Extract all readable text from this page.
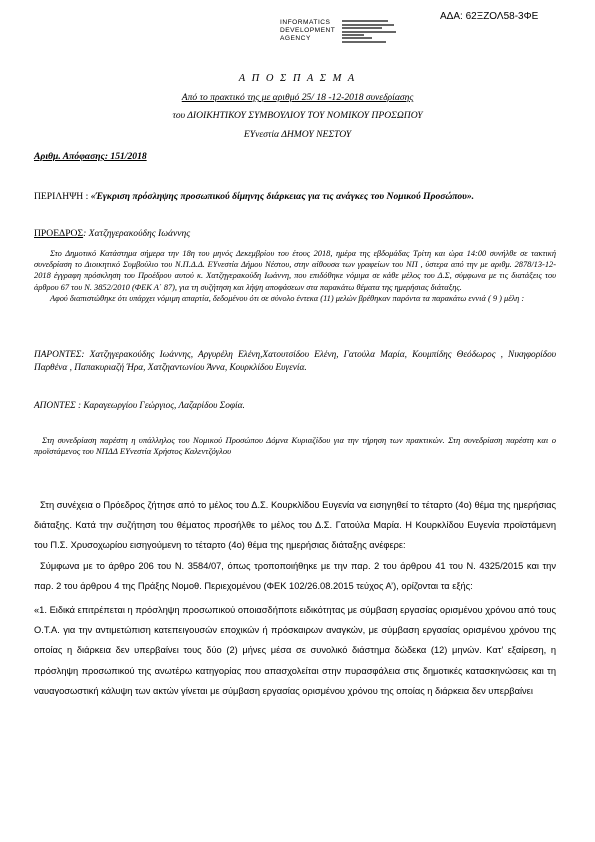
ΑΔΑ: 62ΞΖΟΛ58-3ΦΕ
INFORMATICS
DEVELOPMENT
AGENCY
Α Π Ο Σ Π Α Σ Μ Α
Από το πρακτικό της με αριθμό 25/ 18 -12-2018 συνεδρίασης
του ΔΙΟΙΚΗΤΙΚΟΥ ΣΥΜΒΟΥΛΙΟΥ ΤΟΥ ΝΟΜΙΚΟΥ ΠΡΟΣΩΠΟΥ
ΕΥνεστία ΔΗΜΟΥ ΝΕΣΤΟΥ
Αριθμ. Απόφασης: 151/2018
ΠΕΡΙΛΗΨΗ : «Έγκριση πρόσληψης προσωπικού δίμηνης διάρκειας για τις ανάγκες του Νομικού Προσώπου».
ΠΡΟΕΔΡΟΣ: Χατζηγερακούδης Ιωάννης

Στο Δημοτικό Κατάστημα σήμερα την 18η του μηνός Δεκεμβρίου του έτους 2018, ημέρα της εβδομάδας Τρίτη και ώρα 14:00 συνήλθε σε τακτική συνεδρίαση το Διοικητικό Συμβούλιο του Ν.Π.Δ.Δ. ΕΥνεστία Δήμου Νέστου, στην αίθουσα των γραφείων του ΝΠ , ύστερα από την με αριθμ. 2878/13-12-2018 έγγραφη πρόσκληση του Προέδρου αυτού κ. Χατζηγερακούδη Ιωάννη, που επιδόθηκε νόμιμα σε κάθε μέλος του Δ.Σ, σύμφωνα με τις διατάξεις του άρθρου 67 του Ν. 3852/2010 (ΦΕΚ Α΄ 87), για τη συζήτηση και λήψη αποφάσεων στα παρακάτω θέματα της ημερήσιας διάταξης.

Αφού διαπιστώθηκε ότι υπάρχει νόμιμη απαρτία, δεδομένου ότι σε σύνολο έντεκα (11) μελών βρέθηκαν παρόντα τα παρακάτω εννιά ( 9 ) μέλη :

ΠΑΡΟΝΤΕΣ: Χατζηγερακούδης Ιωάννης, Αργυρέλη Ελένη,Χατουτσίδου Ελένη, Γατούλα Μαρία, Κουμπίδης Θεόδωρος , Νικηφορίδου Παρθένα , Παπακυριαζή Ήρα, Χατζηαντωνίου Άννα, Κουρκλίδου Ευγενία.
ΑΠΟΝΤΕΣ : Καραγεωργίου Γεώργιος, Λαζαρίδου Σοφία.

Στη συνεδρίαση παρέστη η υπάλληλος του Νομικού Προσώπου Δόμνα Κυριαζίδου για την τήρηση των πρακτικών. Στη συνεδρίαση παρέστη και ο προϊστάμενος του ΝΠΔΔ ΕΥνεστία Χρήστος Καλεντζόγλου

Στη συνέχεια ο Πρόεδρος ζήτησε από το μέλος του Δ.Σ. Κουρκλίδου Ευγενία να εισηγηθεί το τέταρτο (4ο) θέμα της ημερήσιας διάταξης. Κατά την συζήτηση του θέματος προσήλθε το μέλος του Δ.Σ. Γατούλα Μαρία. Η Κουρκλίδου Ευγενία προϊστάμενη του Π.Σ. Χρυσοχωρίου εισηγούμενη το τέταρτο (4ο) θέμα της ημερήσιας διάταξης ανέφερε:

Σύμφωνα με το άρθρο 206 του Ν. 3584/07, όπως τροποποιήθηκε με την παρ. 2 του άρθρου 41 του Ν. 4325/2015 και την παρ. 2 του άρθρου 4 της Πράξης Νομοθ. Περιεχομένου (ΦΕΚ 102/26.08.2015 τεύχος Α’), ορίζονται τα εξής:

«1. Ειδικά επιτρέπεται η πρόσληψη προσωπικού οποιασδήποτε ειδικότητας με σύμβαση εργασίας ορισμένου χρόνου από τους Ο.Τ.Α. για την αντιμετώπιση κατεπειγουσών εποχικών ή πρόσκαιρων αναγκών, με σύμβαση εργασίας ορισμένου χρόνου της οποίας η διάρκεια δεν υπερβαίνει τους δύο (2) μήνες μέσα σε συνολικό διάστημα δώδεκα (12) μηνών. Κατ’ εξαίρεση, η πρόσληψη προσωπικού της ανωτέρω κατηγορίας που απασχολείται στην πυρασφάλεια στις δημοτικές κατασκηνώσεις και τη ναυαγοσωστική κάλυψη των ακτών γίνεται με σύμβαση εργασίας ορισμένου χρόνου της οποίας η διάρκεια δεν υπερβαίνει
